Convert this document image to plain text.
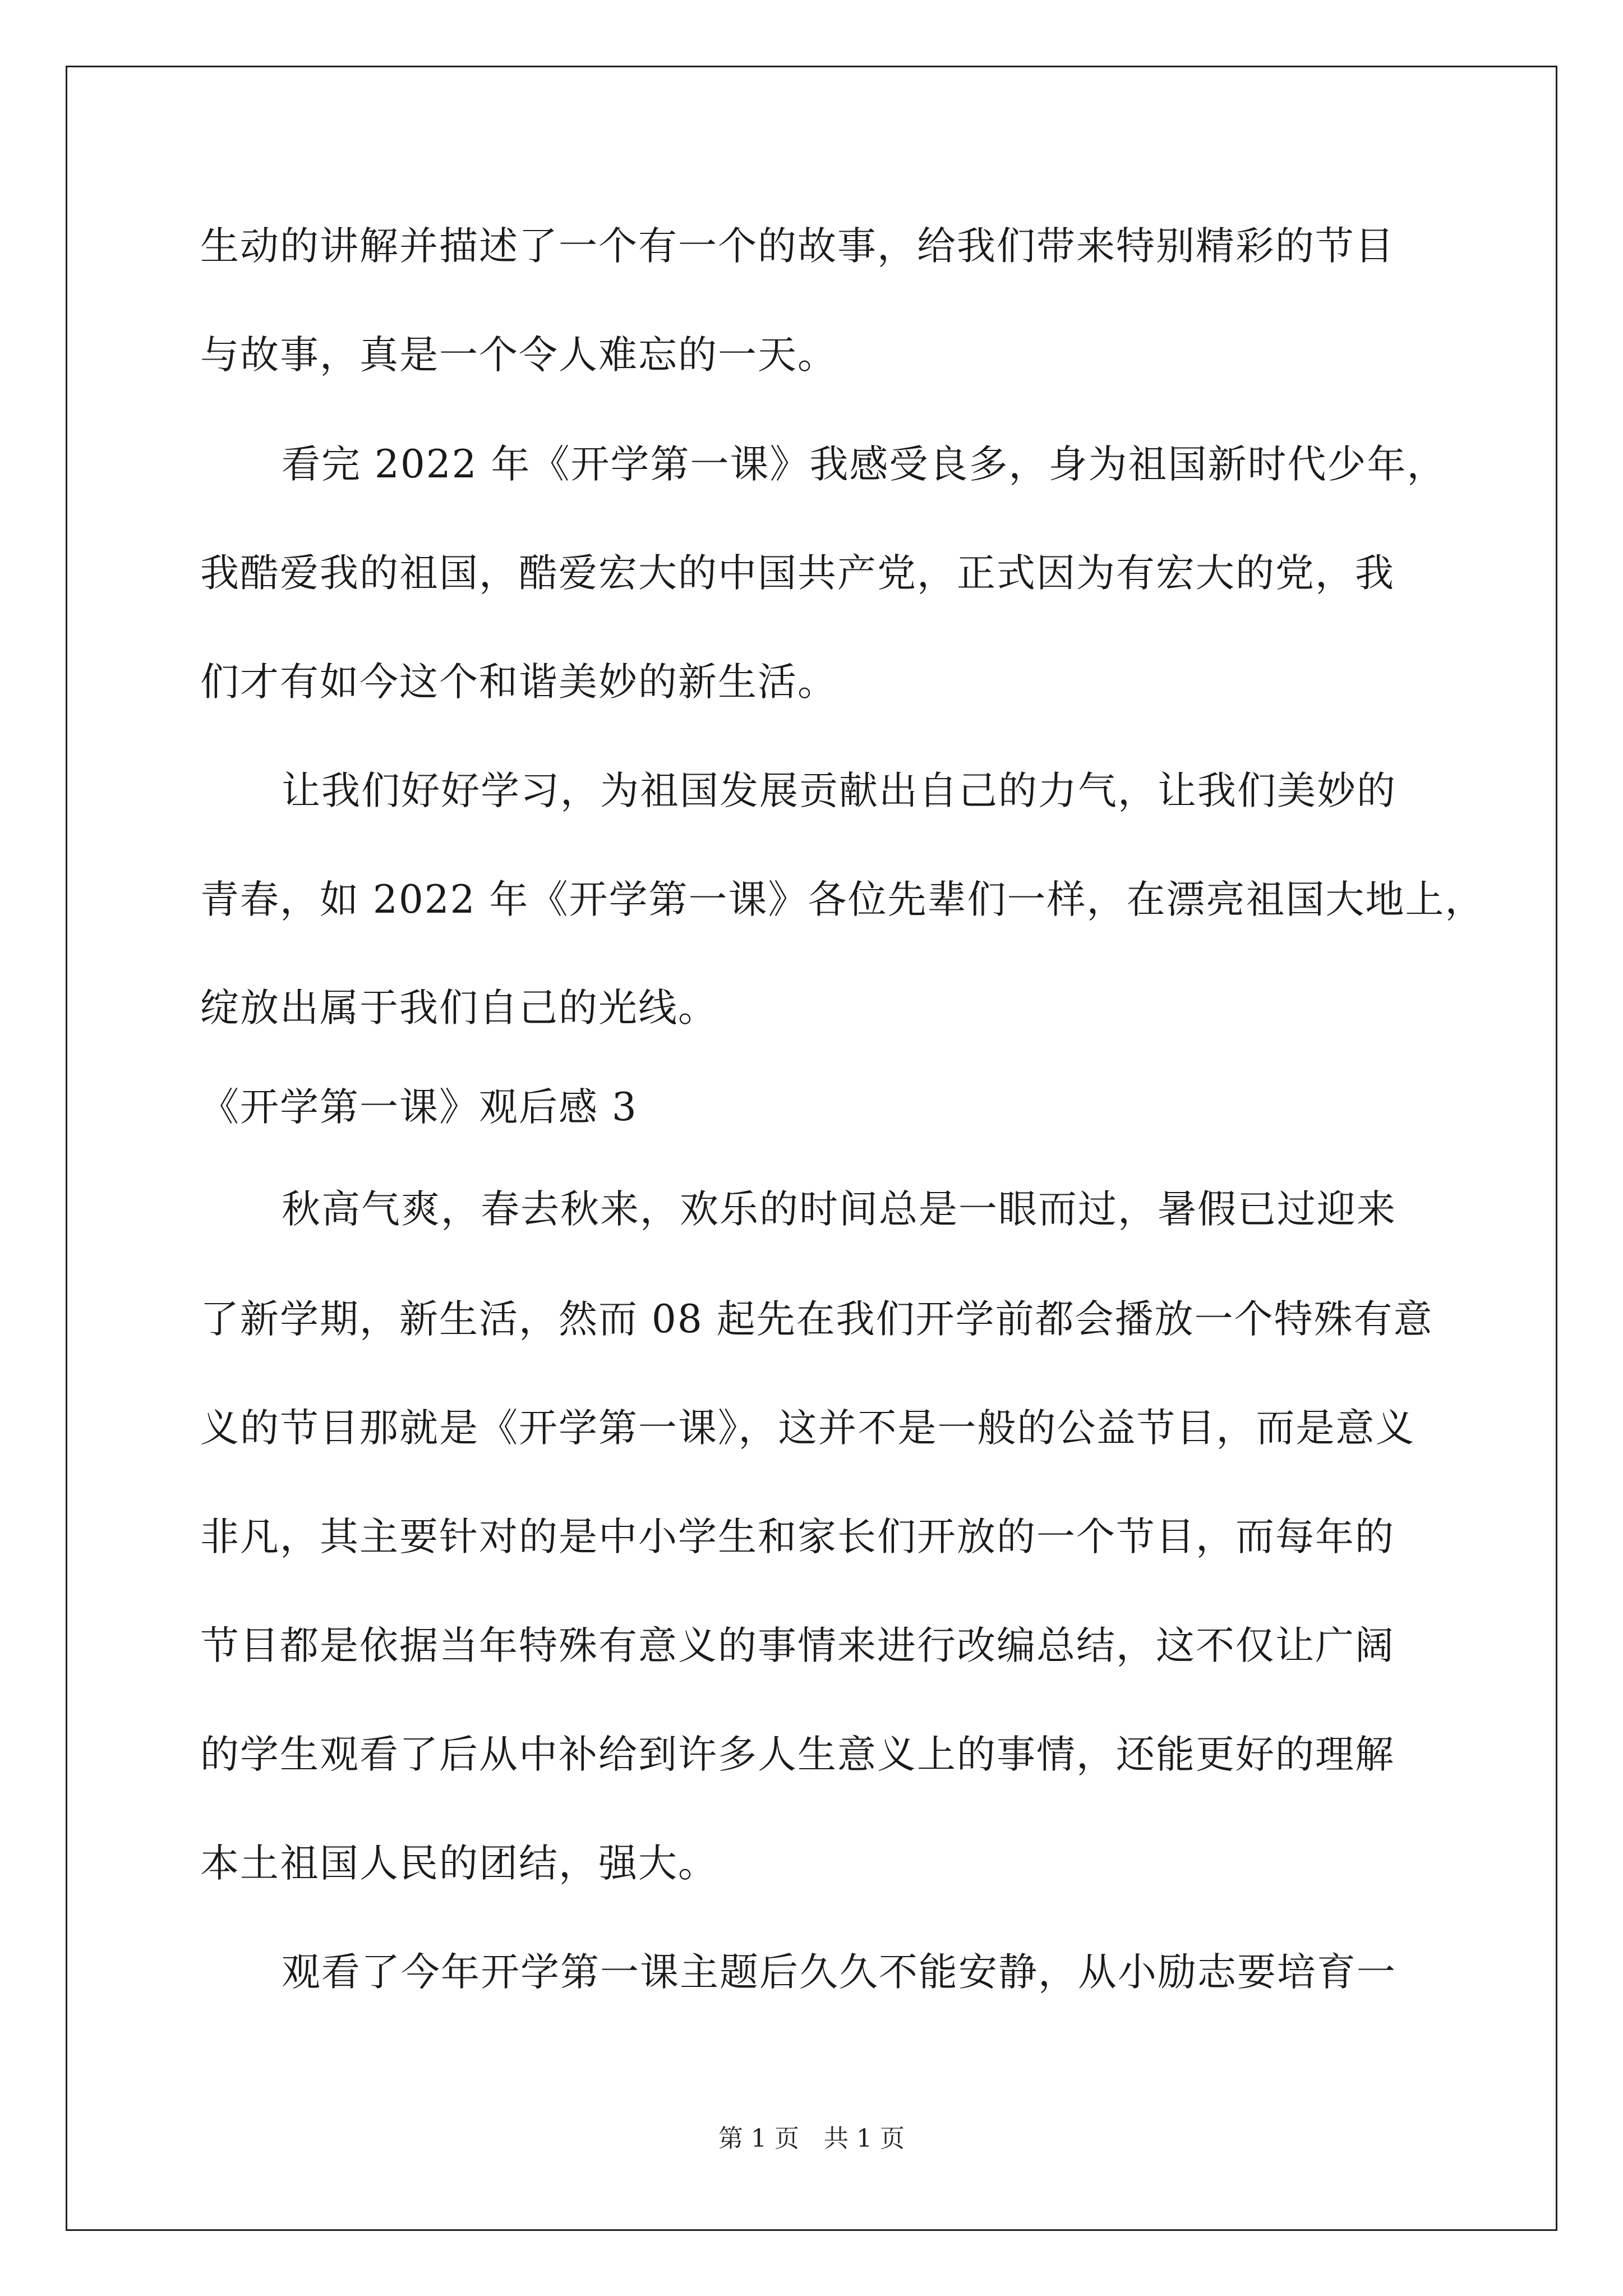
生动的讲解并描述了一个有一个的故事，给我们带来特别精彩的节目
与故事，真是一个令人难忘的一天。
看完 2022 年《开学第一课》我感受良多，身为祖国新时代少年，
我酷爱我的祖国，酷爱宏大的中国共产党，正式因为有宏大的党，我
们才有如今这个和谐美妙的新生活。
让我们好好学习，为祖国发展贡献出自己的力气，让我们美妙的
青春，如 2022 年《开学第一课》各位先辈们一样，在漂亮祖国大地上，
绽放出属于我们自己的光线。
《开学第一课》观后感 3
秋高气爽，春去秋来，欢乐的时间总是一眼而过，暑假已过迎来
了新学期，新生活，然而 08 起先在我们开学前都会播放一个特殊有意
义的节目那就是《开学第一课》，这并不是一般的公益节目，而是意义
非凡，其主要针对的是中小学生和家长们开放的一个节目，而每年的
节目都是依据当年特殊有意义的事情来进行改编总结，这不仅让广阔
的学生观看了后从中补给到许多人生意义上的事情，还能更好的理解
本土祖国人民的团结，强大。
观看了今年开学第一课主题后久久不能安静，从小励志要培育一
第 1 页　共 1 页
